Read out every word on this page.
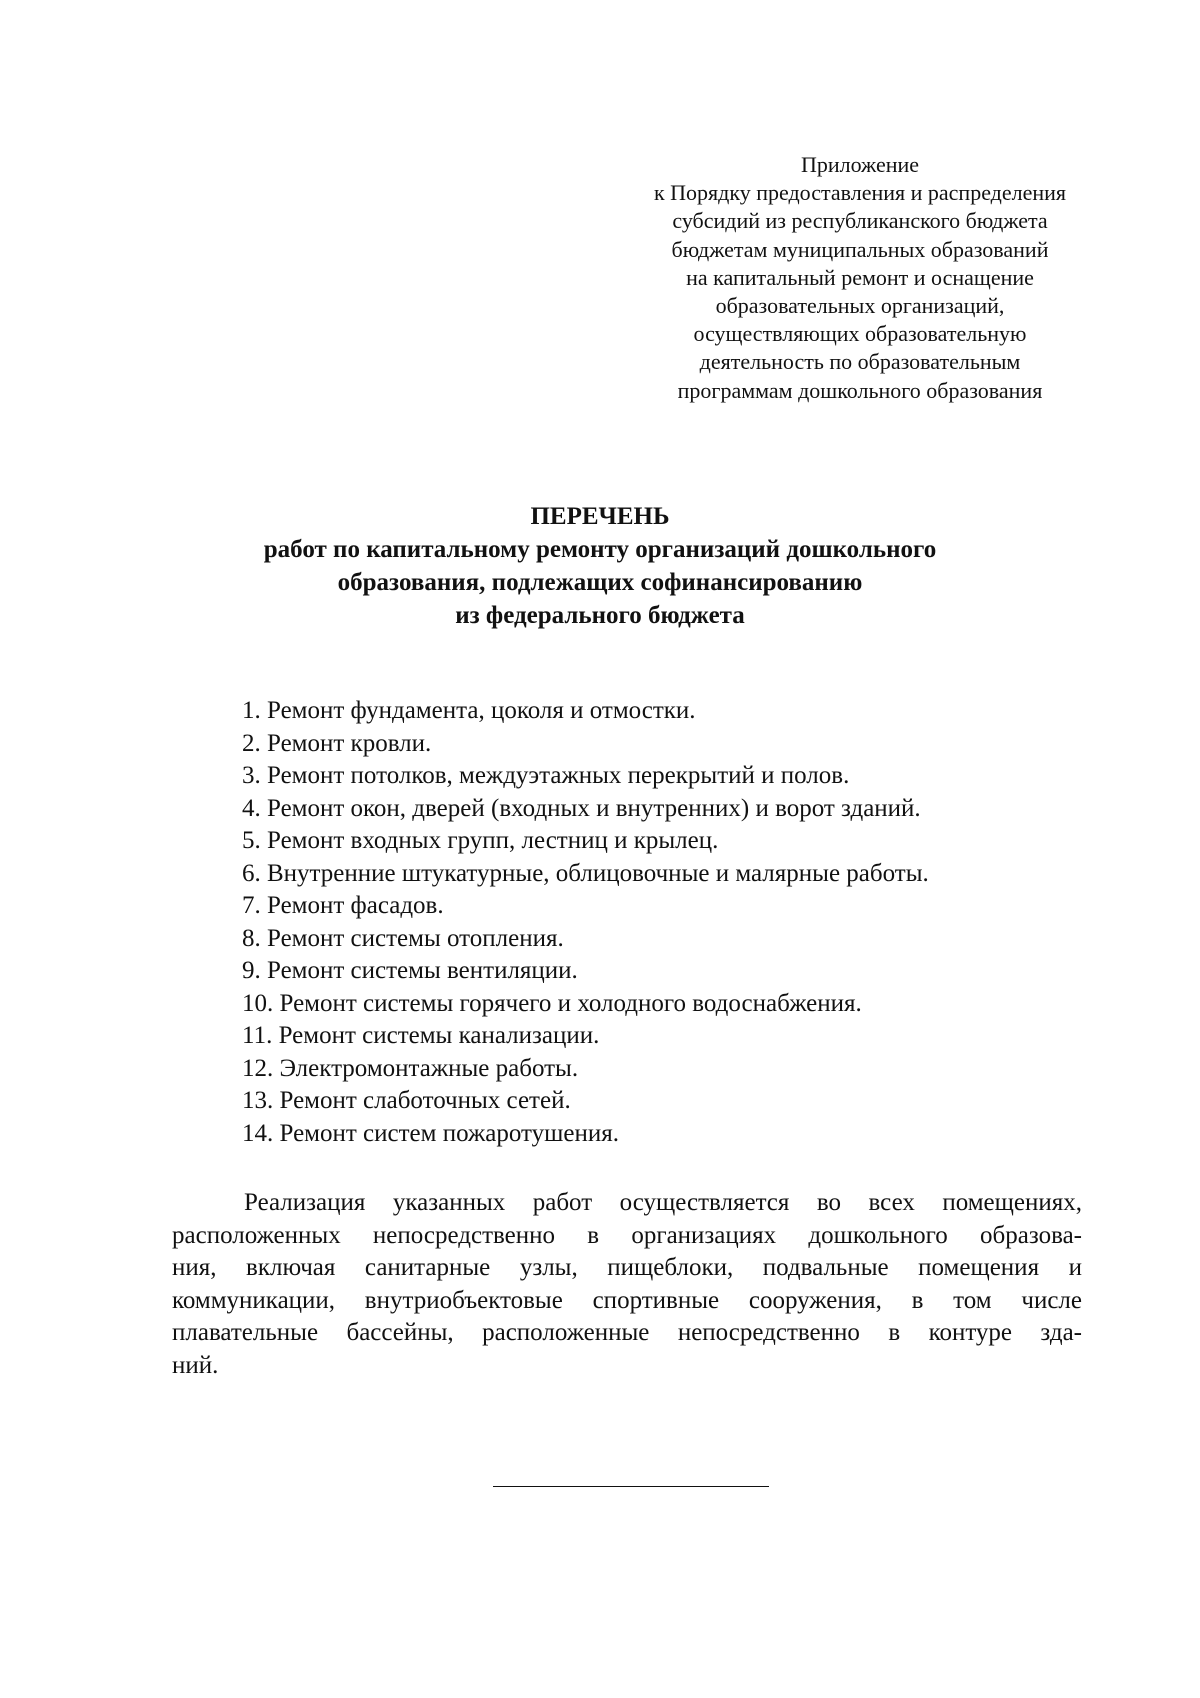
Приложение
к Порядку предоставления и распределения
субсидий из республиканского бюджета
бюджетам муниципальных образований
на капитальный ремонт и оснащение
образовательных организаций,
осуществляющих образовательную
деятельность по образовательным
программам дошкольного образования
ПЕРЕЧЕНЬ
работ по капитальному ремонту организаций дошкольного
образования, подлежащих софинансированию
из федерального бюджета
1. Ремонт фундамента, цоколя и отмостки.
2. Ремонт кровли.
3. Ремонт потолков, междуэтажных перекрытий и полов.
4. Ремонт окон, дверей (входных и внутренних) и ворот зданий.
5. Ремонт входных групп, лестниц и крылец.
6. Внутренние штукатурные, облицовочные и малярные работы.
7. Ремонт фасадов.
8. Ремонт системы отопления.
9. Ремонт системы вентиляции.
10. Ремонт системы горячего и холодного водоснабжения.
11. Ремонт системы канализации.
12. Электромонтажные работы.
13. Ремонт слаботочных сетей.
14. Ремонт систем пожаротушения.
Реализация указанных работ осуществляется во всех помещениях,
расположенных непосредственно в организациях дошкольного образова-
ния, включая санитарные узлы, пищеблоки, подвальные помещения и
коммуникации, внутриобъектовые спортивные сооружения, в том числе
плавательные бассейны, расположенные непосредственно в контуре зда-
ний.
